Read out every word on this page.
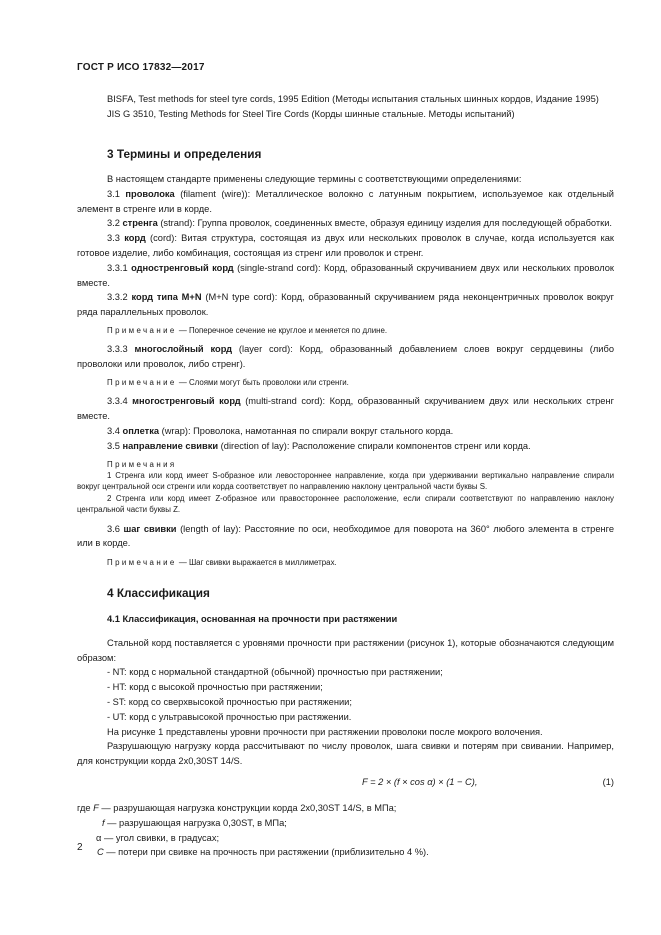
ГОСТ Р ИСО 17832—2017

BISFA, Test methods for steel tyre cords, 1995 Edition (Методы испытания стальных шинных кордов, Издание 1995)

JIS G 3510, Testing Methods for Steel Tire Cords (Корды шинные стальные. Методы испытаний)

3 Термины и определения

В настоящем стандарте применены следующие термины с соответствующими определениями:

3.1 проволока (filament (wire)): Металлическое волокно с латунным покрытием, используемое как отдельный элемент в стренге или в корде.

3.2 стренга (strand): Группа проволок, соединенных вместе, образуя единицу изделия для последующей обработки.

3.3 корд (cord): Витая структура, состоящая из двух или нескольких проволок в случае, когда используется как готовое изделие, либо комбинация, состоящая из стренг или проволок и стренг.

3.3.1 одностренговый корд (single-strand cord): Корд, образованный скручиванием двух или нескольких проволок вместе.

3.3.2 корд типа M+N (M+N type cord): Корд, образованный скручиванием ряда неконцентричных проволок вокруг ряда параллельных проволок.

Примечание — Поперечное сечение не круглое и меняется по длине.

3.3.3 многослойный корд (layer cord): Корд, образованный добавлением слоев вокруг сердцевины (либо проволоки или проволок, либо стренг).

Примечание — Слоями могут быть проволоки или стренги.

3.3.4 многостренговый корд (multi-strand cord): Корд, образованный скручиванием двух или нескольких стренг вместе.

3.4 оплетка (wrap): Проволока, намотанная по спирали вокруг стального корда.

3.5 направление свивки (direction of lay): Расположение спирали компонентов стренг или корда.

Примечания

1 Стренга или корд имеет S-образное или левостороннее направление, когда при удерживании вертикально направление спирали вокруг центральной оси стренги или корда соответствует по направлению наклону центральной части буквы S.

2 Стренга или корд имеет Z-образное или правостороннее расположение, если спирали соответствуют по направлению наклону центральной части буквы Z.

3.6 шаг свивки (length of lay): Расстояние по оси, необходимое для поворота на 360° любого элемента в стренге или в корде.

Примечание — Шаг свивки выражается в миллиметрах.

4 Классификация

4.1 Классификация, основанная на прочности при растяжении

Стальной корд поставляется с уровнями прочности при растяжении (рисунок 1), которые обозначаются следующим образом:

- NT: корд с нормальной стандартной (обычной) прочностью при растяжении;

- HT: корд с высокой прочностью при растяжении;

- ST: корд со сверхвысокой прочностью при растяжении;

- UT: корд с ультравысокой прочностью при растяжении.

На рисунке 1 представлены уровни прочности при растяжении проволоки после мокрого волочения.

Разрушающую нагрузку корда рассчитывают по числу проволок, шага свивки и потерям при свивании. Например, для конструкции корда 2x0,30ST 14/S.

F = 2 × (f × cos α) × (1 − C),	(1)

где F — разрушающая нагрузка конструкции корда 2x0,30ST 14/S, в МПа;

f — разрушающая нагрузка 0,30ST, в МПа;

α — угол свивки, в градусах;

C — потери при свивке на прочность при растяжении (приблизительно 4 %).

2
